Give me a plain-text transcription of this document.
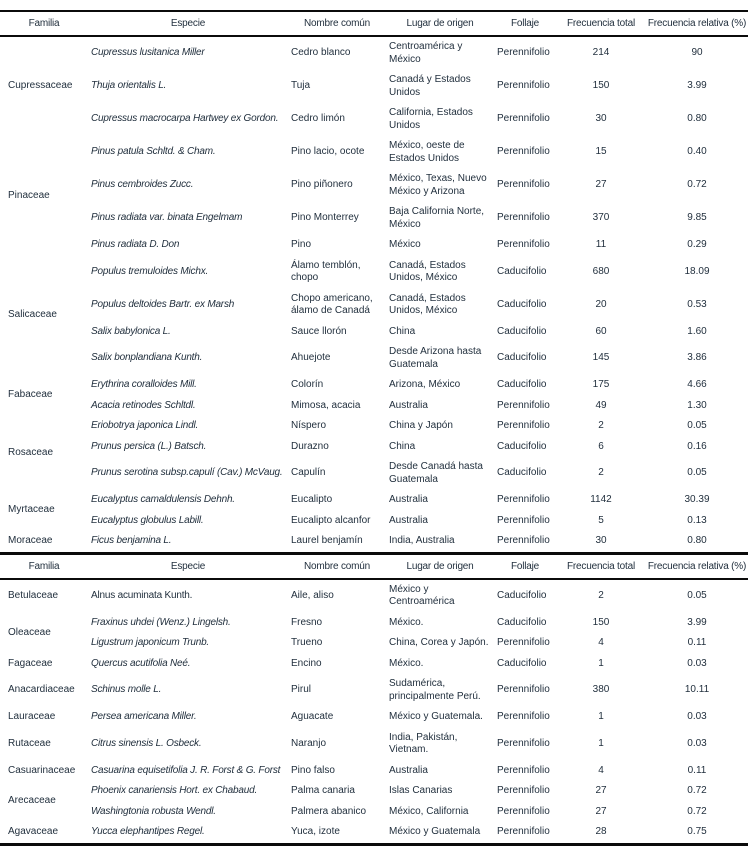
Familia	Especie	Nombre común	Lugar de origen	Follaje	Frecuencia total	Frecuencia relativa (%)
Cupressaceae	Cupressus lusitanica Miller	Cedro blanco	Centroamérica y México	Perennifolio	214	90
	Thuja orientalis L.	Tuja	Canadá y Estados Unidos	Perennifolio	150	3.99
	Cupressus macrocarpa Hartwey ex Gordon.	Cedro limón	California, Estados Unidos	Perennifolio	30	0.80
Pinaceae	Pinus patula Schltd. & Cham.	Pino lacio, ocote	México, oeste de Estados Unidos	Perennifolio	15	0.40
	Pinus cembroides Zucc.	Pino piñonero	México, Texas, Nuevo México y Arizona	Perennifolio	27	0.72
	Pinus radiata var. binata Engelmam	Pino Monterrey	Baja California Norte, México	Perennifolio	370	9.85
	Pinus radiata D. Don	Pino	México	Perennifolio	11	0.29
Salicaceae	Populus tremuloides Michx.	Álamo temblón, chopo	Canadá, Estados Unidos, México	Caducifolio	680	18.09
	Populus deltoides Bartr. ex Marsh	Chopo americano, álamo de Canadá	Canadá, Estados Unidos, México	Caducifolio	20	0.53
	Salix babylonica L.	Sauce llorón	China	Caducifolio	60	1.60
	Salix bonplandiana Kunth.	Ahuejote	Desde Arizona hasta Guatemala	Caducifolio	145	3.86
Fabaceae	Erythrina coralloides Mill.	Colorín	Arizona, México	Caducifolio	175	4.66
	Acacia retinodes Schltdl.	Mimosa, acacia	Australia	Perennifolio	49	1.30
Rosaceae	Eriobotrya japonica Lindl.	Níspero	China y Japón	Perennifolio	2	0.05
	Prunus persica (L.) Batsch.	Durazno	China	Caducifolio	6	0.16
	Prunus serotina subsp.capulí (Cav.) McVaug.	Capulín	Desde Canadá hasta Guatemala	Caducifolio	2	0.05
Myrtaceae	Eucalyptus camaldulensis Dehnh.	Eucalipto	Australia	Perennifolio	1142	30.39
	Eucalyptus globulus Labill.	Eucalipto alcanfor	Australia	Perennifolio	5	0.13
Moraceae	Ficus benjamina L.	Laurel benjamín	India, Australia	Perennifolio	30	0.80
Familia	Especie	Nombre común	Lugar de origen	Follaje	Frecuencia total	Frecuencia relativa (%)
Betulaceae	Alnus acuminata Kunth.	Aile, aliso	México y Centroamérica	Caducifolio	2	0.05
Oleaceae	Fraxinus uhdei (Wenz.) Lingelsh.	Fresno	México.	Caducifolio	150	3.99
	Ligustrum japonicum Trunb.	Trueno	China, Corea y Japón.	Perennifolio	4	0.11
Fagaceae	Quercus acutifolia Neé.	Encino	México.	Caducifolio	1	0.03
Anacardiaceae	Schinus molle L.	Pirul	Sudamérica, principalmente Perú.	Perennifolio	380	10.11
Lauraceae	Persea americana Miller.	Aguacate	México y Guatemala.	Perennifolio	1	0.03
Rutaceae	Citrus sinensis L. Osbeck.	Naranjo	India, Pakistán, Vietnam.	Perennifolio	1	0.03
Casuarinaceae	Casuarina equisetifolia J. R. Forst & G. Forst	Pino falso	Australia	Perennifolio	4	0.11
Arecaceae	Phoenix canariensis Hort. ex Chabaud.	Palma canaria	Islas Canarias	Perennifolio	27	0.72
	Washingtonia robusta Wendl.	Palmera abanico	México, California	Perennifolio	27	0.72
Agavaceae	Yucca elephantipes Regel.	Yuca, izote	México y Guatemala	Perennifolio	28	0.75
